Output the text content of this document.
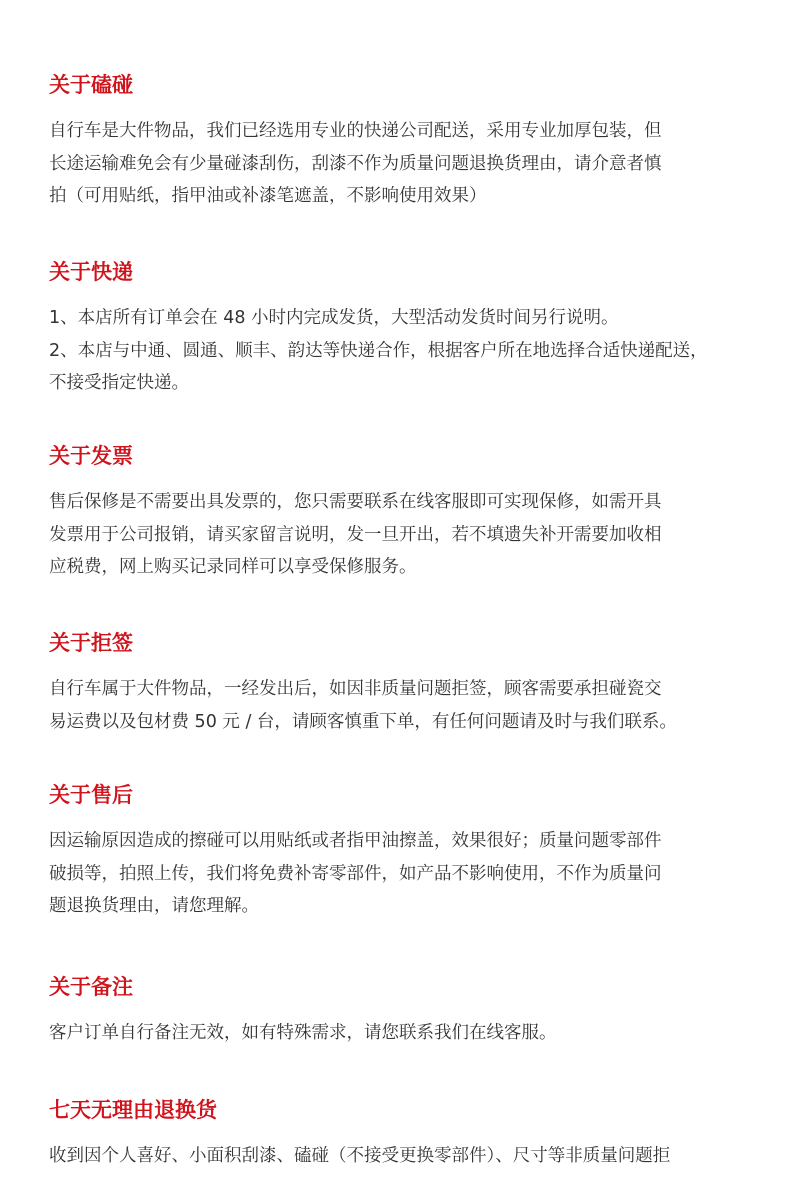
关于磕碰

自行车是大件物品，我们已经选用专业的快递公司配送，采用专业加厚包装，但
长途运输难免会有少量碰漆刮伤，刮漆不作为质量问题退换货理由，请介意者慎
拍（可用贴纸，指甲油或补漆笔遮盖，不影响使用效果）

关于快递

1、本店所有订单会在 48 小时内完成发货，大型活动发货时间另行说明。
2、本店与中通、圆通、顺丰、韵达等快递合作，根据客户所在地选择合适快递配送，
不接受指定快递。

关于发票

售后保修是不需要出具发票的，您只需要联系在线客服即可实现保修，如需开具
发票用于公司报销，请买家留言说明，发一旦开出，若不填遗失补开需要加收相
应税费，网上购买记录同样可以享受保修服务。

关于拒签

自行车属于大件物品，一经发出后，如因非质量问题拒签，顾客需要承担碰瓷交
易运费以及包材费 50 元 / 台，请顾客慎重下单，有任何问题请及时与我们联系。

关于售后

因运输原因造成的擦碰可以用贴纸或者指甲油擦盖，效果很好；质量问题零部件
破损等，拍照上传，我们将免费补寄零部件，如产品不影响使用，不作为质量问
题退换货理由，请您理解。

关于备注

客户订单自行备注无效，如有特殊需求，请您联系我们在线客服。

七天无理由退换货

收到因个人喜好、小面积刮漆、磕碰（不接受更换零部件）、尺寸等非质量问题拒
